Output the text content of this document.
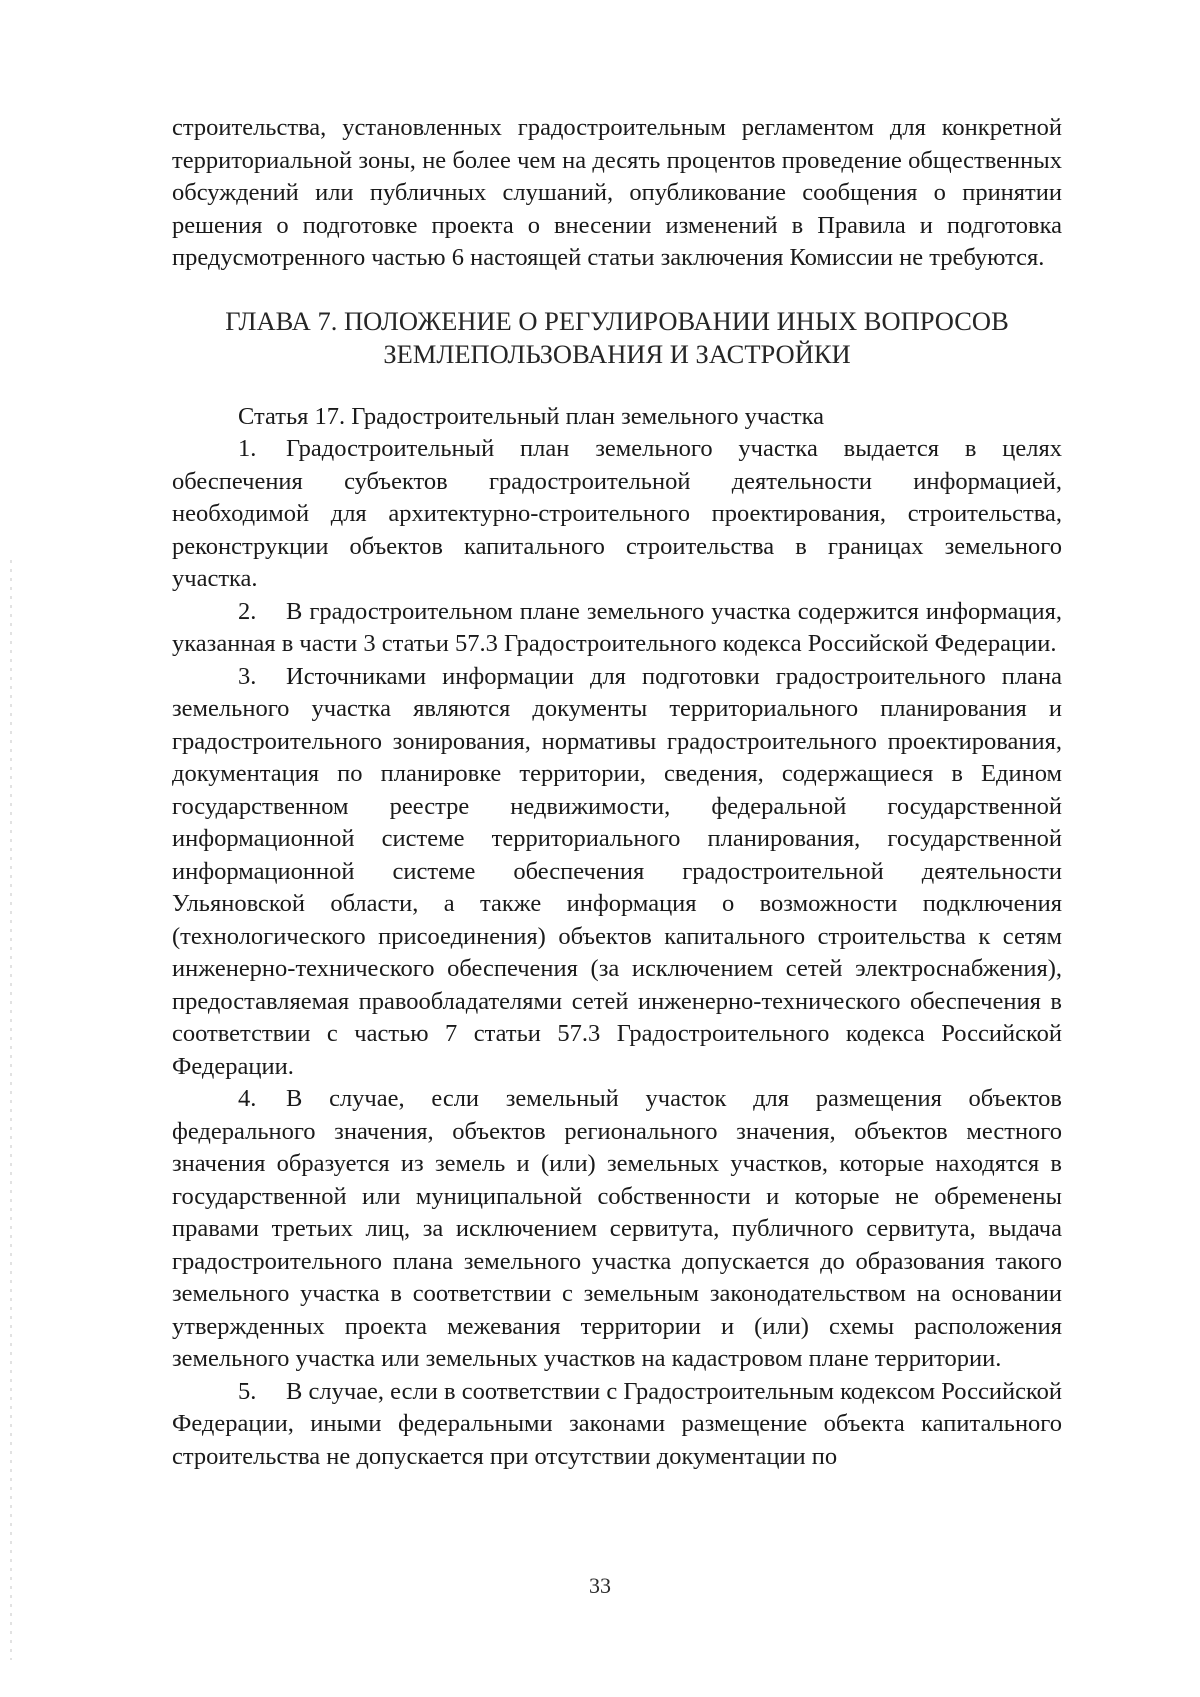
строительства, установленных градостроительным регламентом для конкретной территориальной зоны, не более чем на десять процентов проведение общественных обсуждений или публичных слушаний, опубликование сообщения о принятии решения о подготовке проекта о внесении изменений в Правила и подготовка предусмотренного частью 6 настоящей статьи заключения Комиссии не требуются.

ГЛАВА 7. ПОЛОЖЕНИЕ О РЕГУЛИРОВАНИИ ИНЫХ ВОПРОСОВ
ЗЕМЛЕПОЛЬЗОВАНИЯ И ЗАСТРОЙКИ

Статья 17. Градостроительный план земельного участка

1. Градостроительный план земельного участка выдается в целях обеспечения субъектов градостроительной деятельности информацией, необходимой для архитектурно-строительного проектирования, строительства, реконструкции объектов капитального строительства в границах земельного участка.

2. В градостроительном плане земельного участка содержится информация, указанная в части 3 статьи 57.3 Градостроительного кодекса Российской Федерации.

3. Источниками информации для подготовки градостроительного плана земельного участка являются документы территориального планирования и градостроительного зонирования, нормативы градостроительного проектирования, документация по планировке территории, сведения, содержащиеся в Едином государственном реестре недвижимости, федеральной государственной информационной системе территориального планирования, государственной информационной системе обеспечения градостроительной деятельности Ульяновской области, а также информация о возможности подключения (технологического присоединения) объектов капитального строительства к сетям инженерно-технического обеспечения (за исключением сетей электроснабжения), предоставляемая правообладателями сетей инженерно-технического обеспечения в соответствии с частью 7 статьи 57.3 Градостроительного кодекса Российской Федерации.

4. В случае, если земельный участок для размещения объектов федерального значения, объектов регионального значения, объектов местного значения образуется из земель и (или) земельных участков, которые находятся в государственной или муниципальной собственности и которые не обременены правами третьих лиц, за исключением сервитута, публичного сервитута, выдача градостроительного плана земельного участка допускается до образования такого земельного участка в соответствии с земельным законодательством на основании утвержденных проекта межевания территории и (или) схемы расположения земельного участка или земельных участков на кадастровом плане территории.

5. В случае, если в соответствии с Градостроительным кодексом Российской Федерации, иными федеральными законами размещение объекта капитального строительства не допускается при отсутствии документации по

33
